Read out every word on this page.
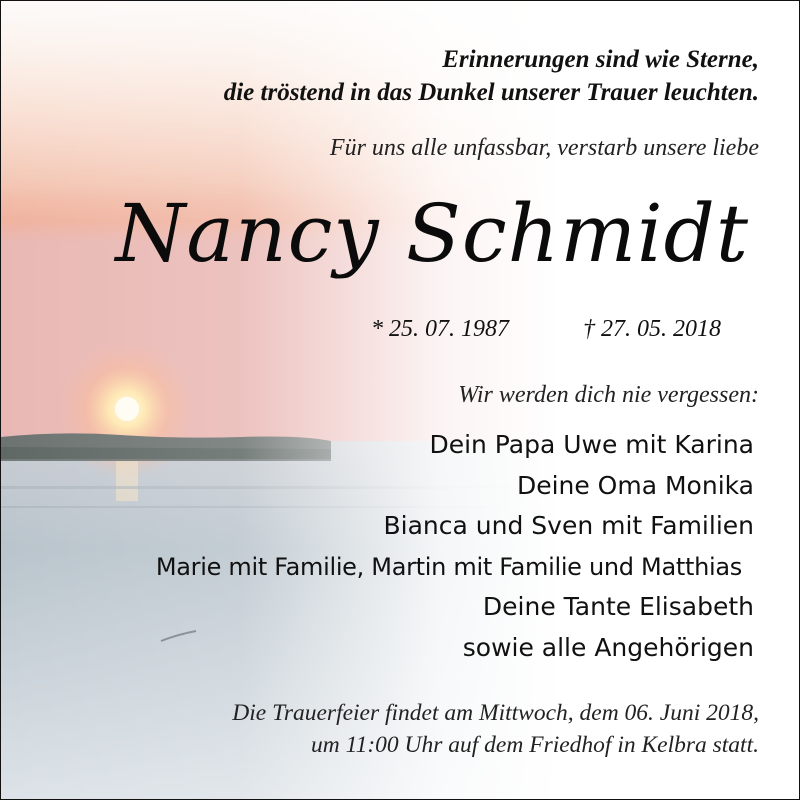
Erinnerungen sind wie Sterne,
die tröstend in das Dunkel unserer Trauer leuchten.
Für uns alle unfassbar, verstarb unsere liebe
Nancy Schmidt
* 25. 07. 1987	† 27. 05. 2018
Wir werden dich nie vergessen:
Dein Papa Uwe mit Karina
Deine Oma Monika
Bianca und Sven mit Familien
Marie mit Familie, Martin mit Familie und Matthias
Deine Tante Elisabeth
sowie alle Angehörigen
Die Trauerfeier findet am Mittwoch, dem 06. Juni 2018,
um 11:00 Uhr auf dem Friedhof in Kelbra statt.
